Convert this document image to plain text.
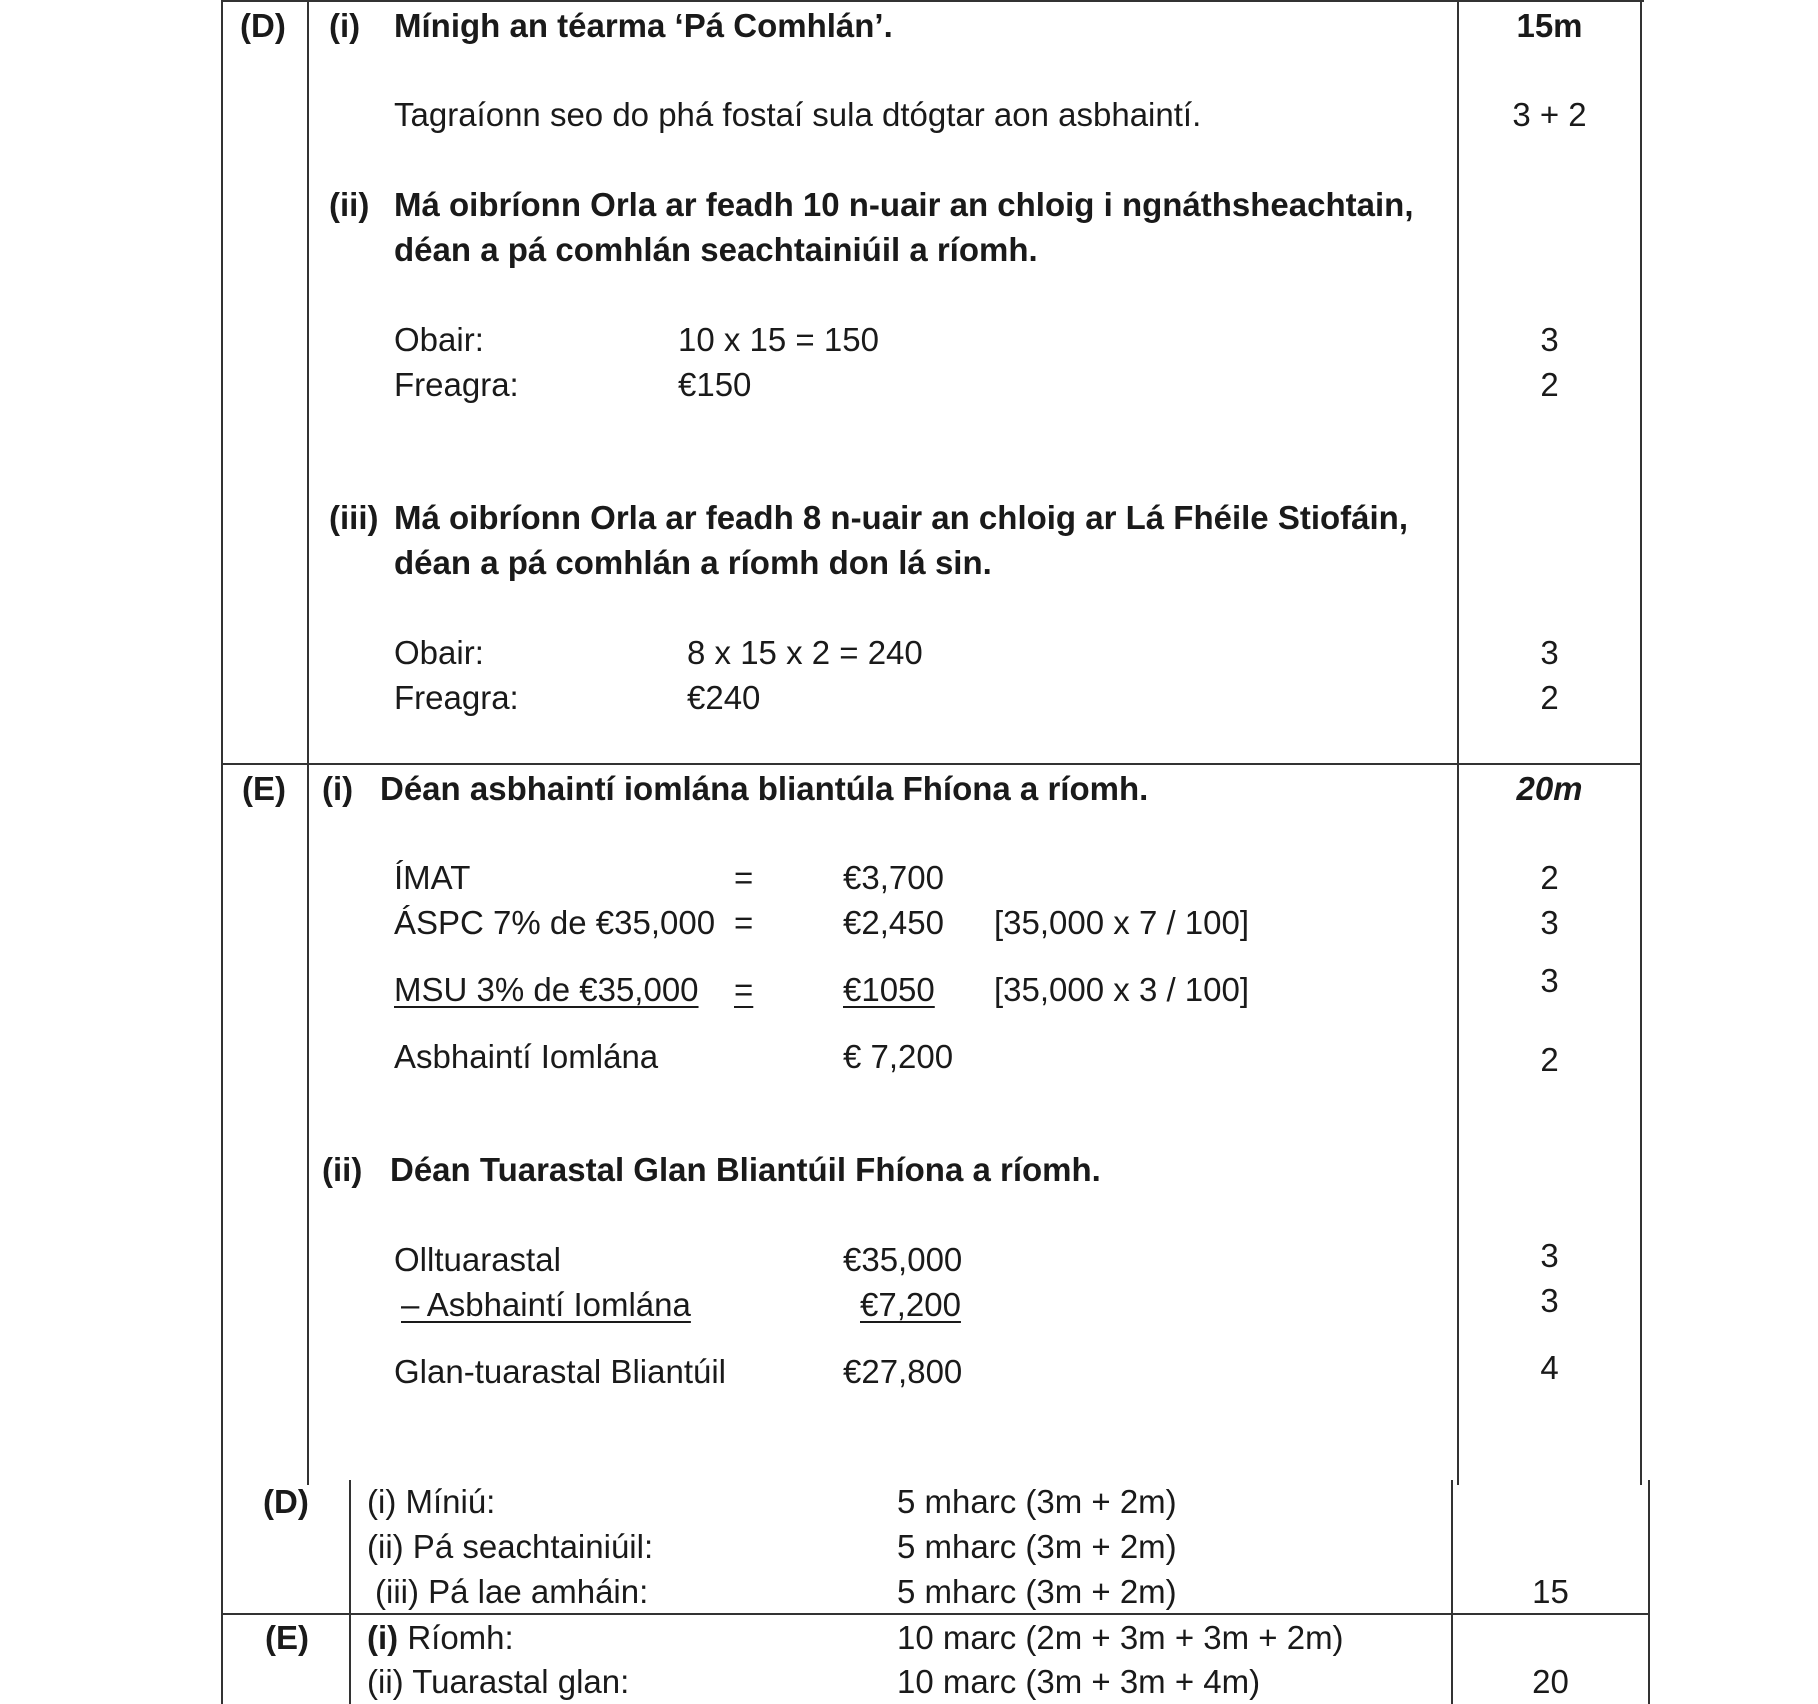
(D) (i) Mínigh an téarma ‘Pá Comhlán’.	15m
Tagraíonn seo do phá fostaí sula dtógtar aon asbhaintí.	3 + 2
(ii) Má oibríonn Orla ar feadh 10 n-uair an chloig i ngnáthsheachtain,
déan a pá comhlán seachtainiúil a ríomh.
Obair:	10 x 15 = 150	3
Freagra:	€150	2
(iii) Má oibríonn Orla ar feadh 8 n-uair an chloig ar Lá Fhéile Stiofáin,
déan a pá comhlán a ríomh don lá sin.
Obair:	8 x 15 x 2 = 240	3
Freagra:	€240	2
(E) (i) Déan asbhaintí iomlána bliantúla Fhíona a ríomh.	20m
ÍMAT	=	€3,700	2
ÁSPC 7% de €35,000 =	€2,450 [35,000 x 7 / 100]	3
MSU 3% de €35,000 =	€1050 [35,000 x 3 / 100]	3
Asbhaintí Iomlána	€ 7,200	2
(ii) Déan Tuarastal Glan Bliantúil Fhíona a ríomh.
Olltuarastal	€35,000	3
– Asbhaintí Iomlána	€7,200	3
Glan-tuarastal Bliantúil	€27,800	4
(D) (i) Míniú:	5 mharc (3m + 2m)
(ii) Pá seachtainiúil:	5 mharc (3m + 2m)
(iii) Pá lae amháin:	5 mharc (3m + 2m)	15
(E) (i) Ríomh:	10 marc (2m + 3m + 3m + 2m)
(ii) Tuarastal glan:	10 marc (3m + 3m + 4m)	20
